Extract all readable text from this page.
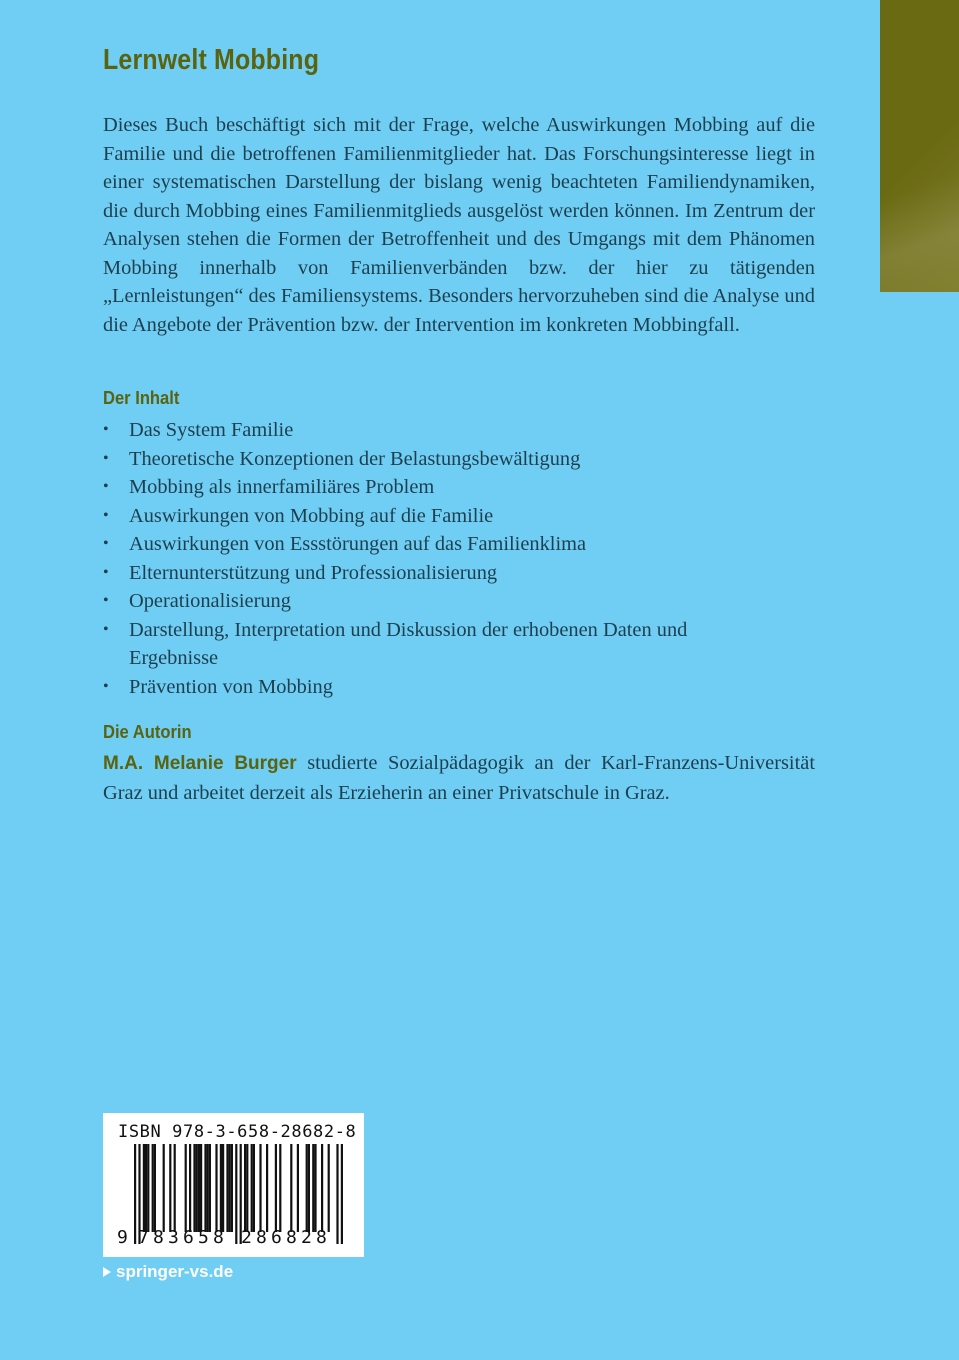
Lernwelt Mobbing

Dieses Buch beschäftigt sich mit der Frage, welche Auswirkungen Mobbing auf die Familie und die betroffenen Familienmitglieder hat. Das Forschungsinteresse liegt in einer systematischen Darstellung der bislang wenig beachteten Familiendynamiken, die durch Mobbing eines Familienmitglieds ausgelöst werden können. Im Zentrum der Analysen stehen die Formen der Betroffenheit und des Umgangs mit dem Phänomen Mobbing innerhalb von Familienverbänden bzw. der hier zu tätigenden „Lernleistungen“ des Familiensystems. Besonders hervorzuheben sind die Analyse und die Angebote der Prävention bzw. der Intervention im konkreten Mobbingfall.

Der Inhalt
• Das System Familie
• Theoretische Konzeptionen der Belastungsbewältigung
• Mobbing als innerfamiliäres Problem
• Auswirkungen von Mobbing auf die Familie
• Auswirkungen von Essstörungen auf das Familienklima
• Elternunterstützung und Professionalisierung
• Operationalisierung
• Darstellung, Interpretation und Diskussion der erhobenen Daten und Ergebnisse
• Prävention von Mobbing
Die Autorin

M.A. Melanie Burger studierte Sozialpädagogik an der Karl-Franzens-Universität Graz und arbeitet derzeit als Erzieherin an einer Privatschule in Graz.

ISBN 978-3-658-28682-8
9 7 8 3 6 5 8 2 8 6 8 2 8
springer-vs.de
